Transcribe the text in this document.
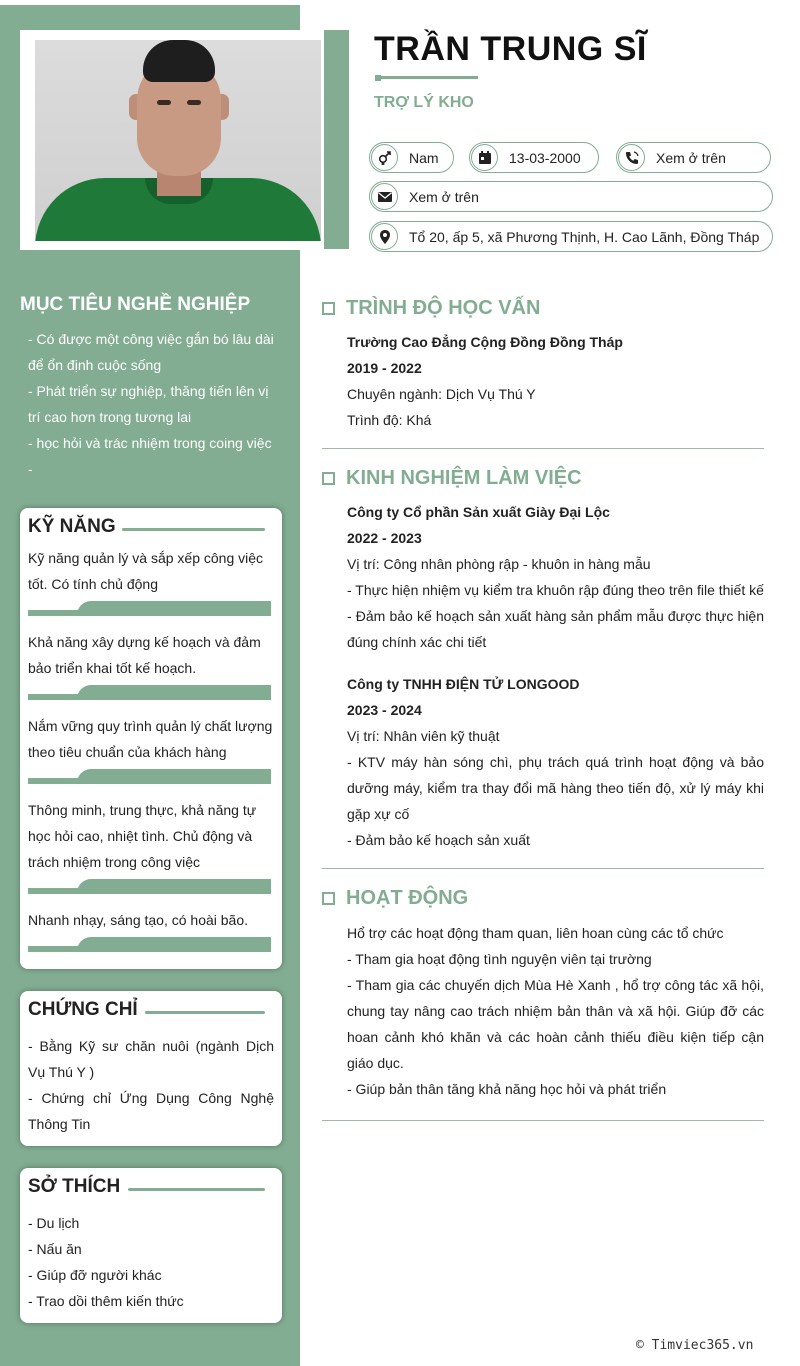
MỤC TIÊU NGHỀ NGHIỆP
- Có được một công việc gắn bó lâu dài để ổn định cuộc sống
- Phát triển sự nghiệp, thăng tiến lên vị trí cao hơn trong tương lai
- học hỏi và trác nhiệm trong coing việc
-
KỸ NĂNG
Kỹ năng quản lý và sắp xếp công việc tốt. Có tính chủ động
Khả năng xây dựng kế hoạch và đảm bảo triển khai tốt kế hoạch.
Nắm vững quy trình quản lý chất lượng theo tiêu chuẩn của khách hàng
Thông minh, trung thực, khả năng tự học hỏi cao, nhiệt tình. Chủ động và trách nhiệm trong công việc
Nhanh nhạy, sáng tạo, có hoài bão.
CHỨNG CHỈ
- Bằng Kỹ sư chăn nuôi (ngành Dịch Vụ Thú Y )
- Chứng chỉ Ứng Dụng Công Nghệ Thông Tin
SỞ THÍCH
- Du lịch
- Nấu ăn
- Giúp đỡ người khác
- Trao dồi thêm kiến thức
TRẦN TRUNG SĨ
TRỢ LÝ KHO
Nam	13-03-2000	Xem ở trên
Xem ở trên
Tổ 20, ấp 5, xã Phương Thịnh, H. Cao Lãnh, Đồng Tháp
TRÌNH ĐỘ HỌC VẤN
Trường Cao Đẳng Cộng Đồng Đồng Tháp
2019 - 2022
Chuyên ngành: Dịch Vụ Thú Y
Trình độ: Khá
KINH NGHIỆM LÀM VIỆC
Công ty Cổ phần Sản xuất Giày Đại Lộc
2022 - 2023
Vị trí: Công nhân phòng rập - khuôn in hàng mẫu
- Thực hiện nhiệm vụ kiểm tra khuôn rập đúng theo trên file thiết kế
- Đảm bảo kế hoạch sản xuất hàng sản phẩm mẫu được thực hiện đúng chính xác chi tiết
Công ty TNHH ĐIỆN TỬ LONGOOD
2023 - 2024
Vị trí: Nhân viên kỹ thuật
- KTV máy hàn sóng chì, phụ trách quá trình hoạt động và bảo dưỡng máy, kiểm tra thay đổi mã hàng theo tiến độ, xử lý máy khi gặp xự cố
- Đảm bảo kế hoạch sản xuất
HOẠT ĐỘNG
Hổ trợ các hoạt động tham quan, liên hoan cùng các tổ chức
- Tham gia hoạt động tình nguyện viên tại trường
- Tham gia các chuyến dịch Mùa Hè Xanh , hổ trợ công tác xã hội, chung tay nâng cao trách nhiệm bản thân và xã hội. Giúp đỡ các hoan cảnh khó khăn và các hoàn cảnh thiếu điều kiện tiếp cận giáo dục.
- Giúp bản thân tăng khả năng học hỏi và phát triển
© Timviec365.vn
